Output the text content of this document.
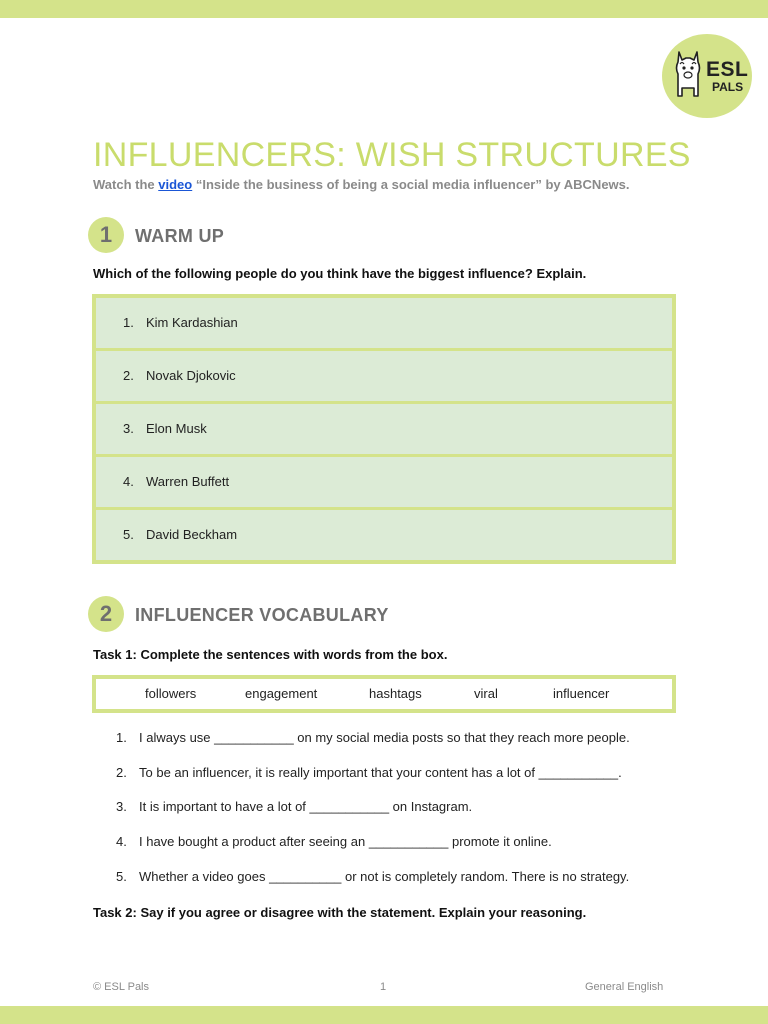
ESL
PALS
INFLUENCERS: WISH STRUCTURES
Watch the video “Inside the business of being a social media influencer” by ABCNews.
1	WARM UP
Which of the following people do you think have the biggest influence? Explain.
1. Kim Kardashian
2. Novak Djokovic
3. Elon Musk
4. Warren Buffett
5. David Beckham
2	INFLUENCER VOCABULARY
Task 1: Complete the sentences with words from the box.
followers	engagement	hashtags	viral	influencer
1. I always use ___________ on my social media posts so that they reach more people.
2. To be an influencer, it is really important that your content has a lot of ___________.
3. It is important to have a lot of ___________ on Instagram.
4. I have bought a product after seeing an ___________ promote it online.
5. Whether a video goes __________ or not is completely random. There is no strategy.
Task 2: Say if you agree or disagree with the statement. Explain your reasoning.
© ESL Pals	1	General English
